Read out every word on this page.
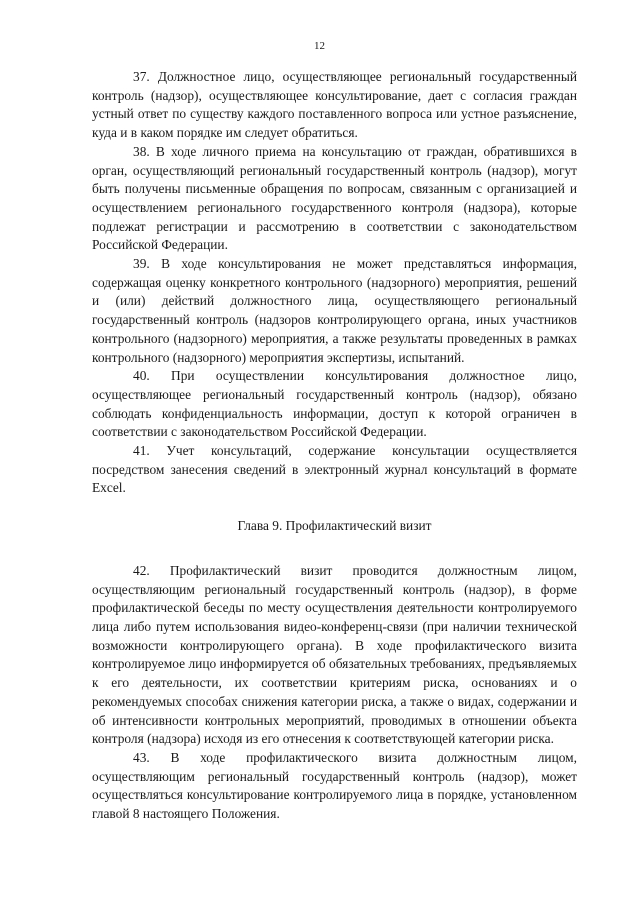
12

37. Должностное лицо, осуществляющее региональный государственный контроль (надзор), осуществляющее консультирование, дает с согласия граждан устный ответ по существу каждого поставленного вопроса или устное разъяснение, куда и в каком порядке им следует обратиться.

38. В ходе личного приема на консультацию от граждан, обратившихся в орган, осуществляющий региональный государственный контроль (надзор), могут быть получены письменные обращения по вопросам, связанным с организацией и осуществлением регионального государственного контроля (надзора), которые подлежат регистрации и рассмотрению в соответствии с законодательством Российской Федерации.

39. В ходе консультирования не может представляться информация, содержащая оценку конкретного контрольного (надзорного) мероприятия, решений и (или) действий должностного лица, осуществляющего региональный государственный контроль (надзоров контролирующего органа, иных участников контрольного (надзорного) мероприятия, а также результаты проведенных в рамках контрольного (надзорного) мероприятия экспертизы, испытаний.

40. При осуществлении консультирования должностное лицо, осуществляющее региональный государственный контроль (надзор), обязано соблюдать конфиденциальность информации, доступ к которой ограничен в соответствии с законодательством Российской Федерации.

41. Учет консультаций, содержание консультации осуществляется посредством занесения сведений в электронный журнал консультаций в формате Excel.

Глава 9. Профилактический визит

42. Профилактический визит проводится должностным лицом, осуществляющим региональный государственный контроль (надзор), в форме профилактической беседы по месту осуществления деятельности контролируемого лица либо путем использования видео-конференц-связи (при наличии технической возможности контролирующего органа). В ходе профилактического визита контролируемое лицо информируется об обязательных требованиях, предъявляемых к его деятельности, их соответствии критериям риска, основаниях и о рекомендуемых способах снижения категории риска, а также о видах, содержании и об интенсивности контрольных мероприятий, проводимых в отношении объекта контроля (надзора) исходя из его отнесения к соответствующей категории риска.

43. В ходе профилактического визита должностным лицом, осуществляющим региональный государственный контроль (надзор), может осуществляться консультирование контролируемого лица в порядке, установленном главой 8 настоящего Положения.
